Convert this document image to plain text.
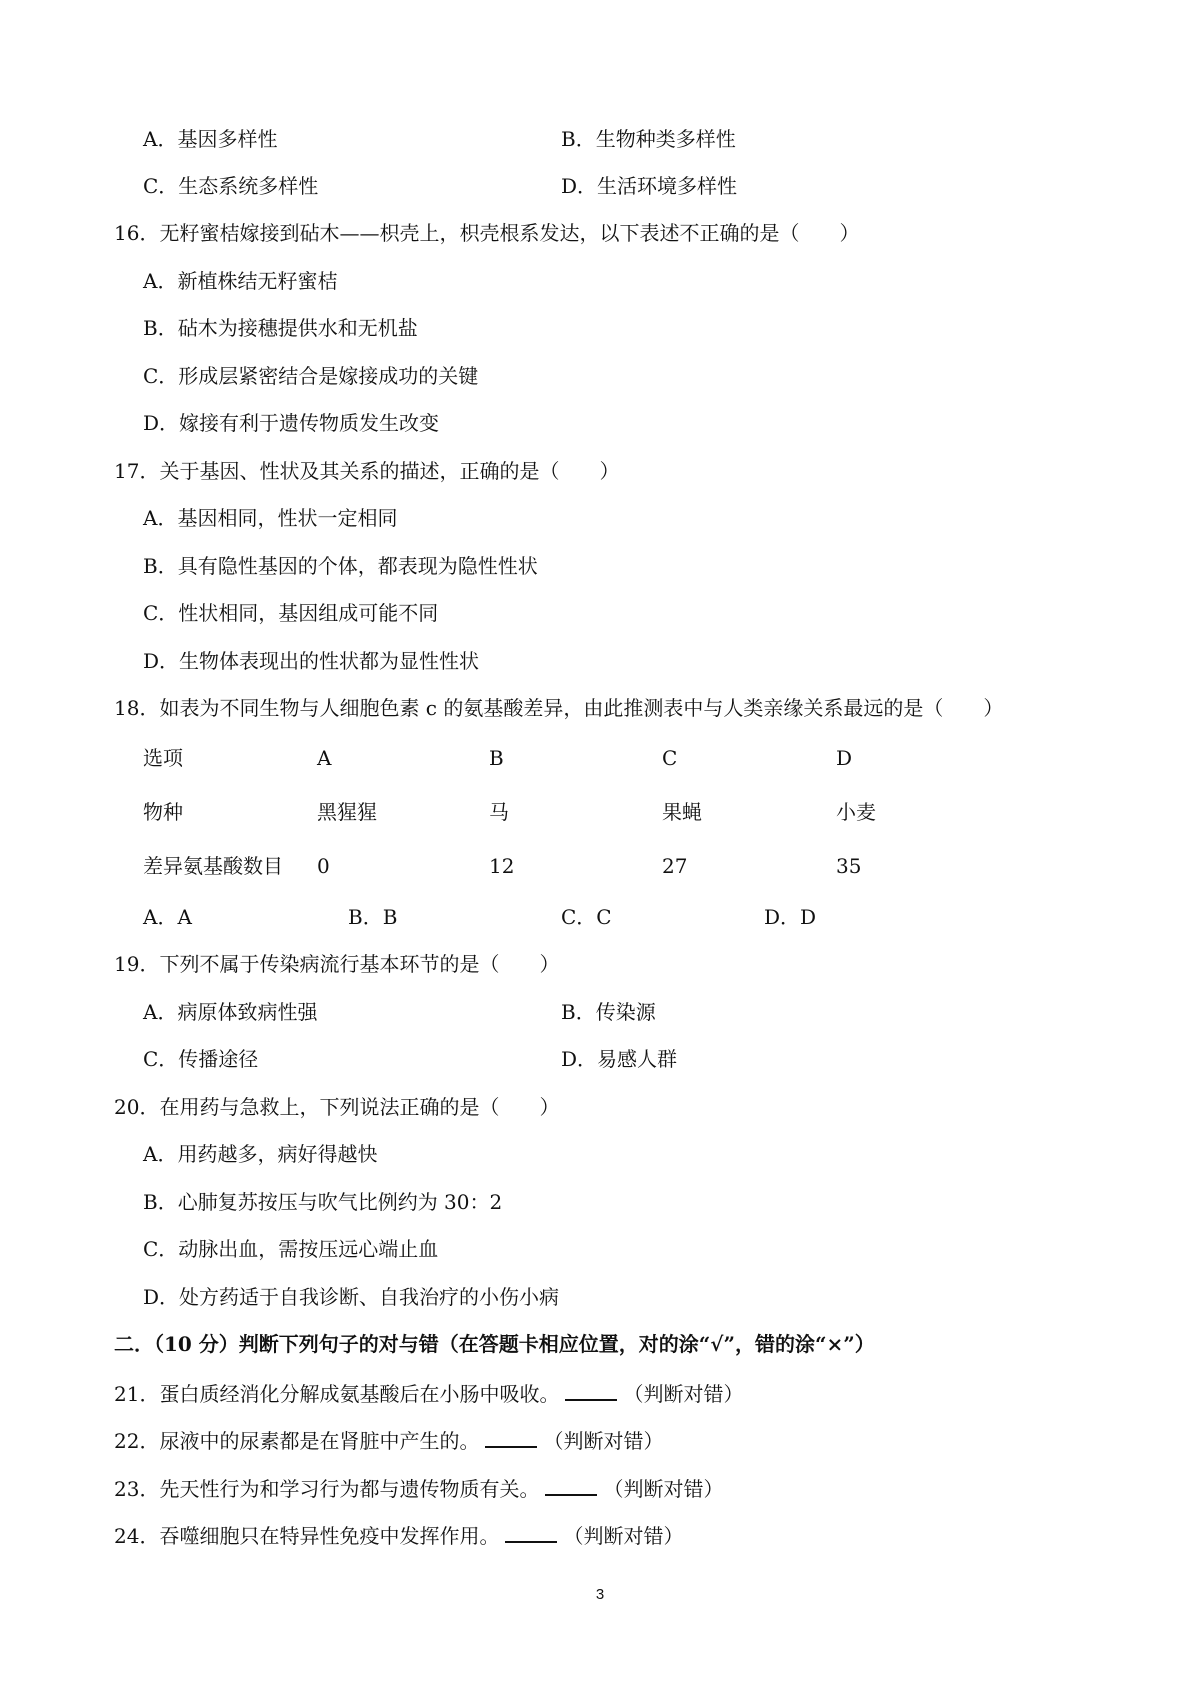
A．基因多样性	B．生物种类多样性
C．生态系统多样性	D．生活环境多样性
16．无籽蜜桔嫁接到砧木——枳壳上，枳壳根系发达，以下表述不正确的是（　　）
A．新植株结无籽蜜桔
B．砧木为接穗提供水和无机盐
C．形成层紧密结合是嫁接成功的关键
D．嫁接有利于遗传物质发生改变
17．关于基因、性状及其关系的描述，正确的是（　　）
A．基因相同，性状一定相同
B．具有隐性基因的个体，都表现为隐性性状
C．性状相同，基因组成可能不同
D．生物体表现出的性状都为显性性状
18．如表为不同生物与人细胞色素 c 的氨基酸差异，由此推测表中与人类亲缘关系最远的是（　　）
选项	A	B	C	D
物种	黑猩猩	马	果蝇	小麦
差异氨基酸数目 0	12	27	35
A．A	B．B	C．C	D．D
19．下列不属于传染病流行基本环节的是（　　）
A．病原体致病性强	B．传染源
C．传播途径	D．易感人群
20．在用药与急救上，下列说法正确的是（　　）
A．用药越多，病好得越快
B．心肺复苏按压与吹气比例约为 30：2
C．动脉出血，需按压远心端止血
D．处方药适于自我诊断、自我治疗的小伤小病
二．（10 分）判断下列句子的对与错（在答题卡相应位置，对的涂“√”，错的涂“×”）
21．蛋白质经消化分解成氨基酸后在小肠中吸收。	（判断对错）
22．尿液中的尿素都是在肾脏中产生的。	（判断对错）
23．先天性行为和学习行为都与遗传物质有关。	（判断对错）
24．吞噬细胞只在特异性免疫中发挥作用。	（判断对错）
3
